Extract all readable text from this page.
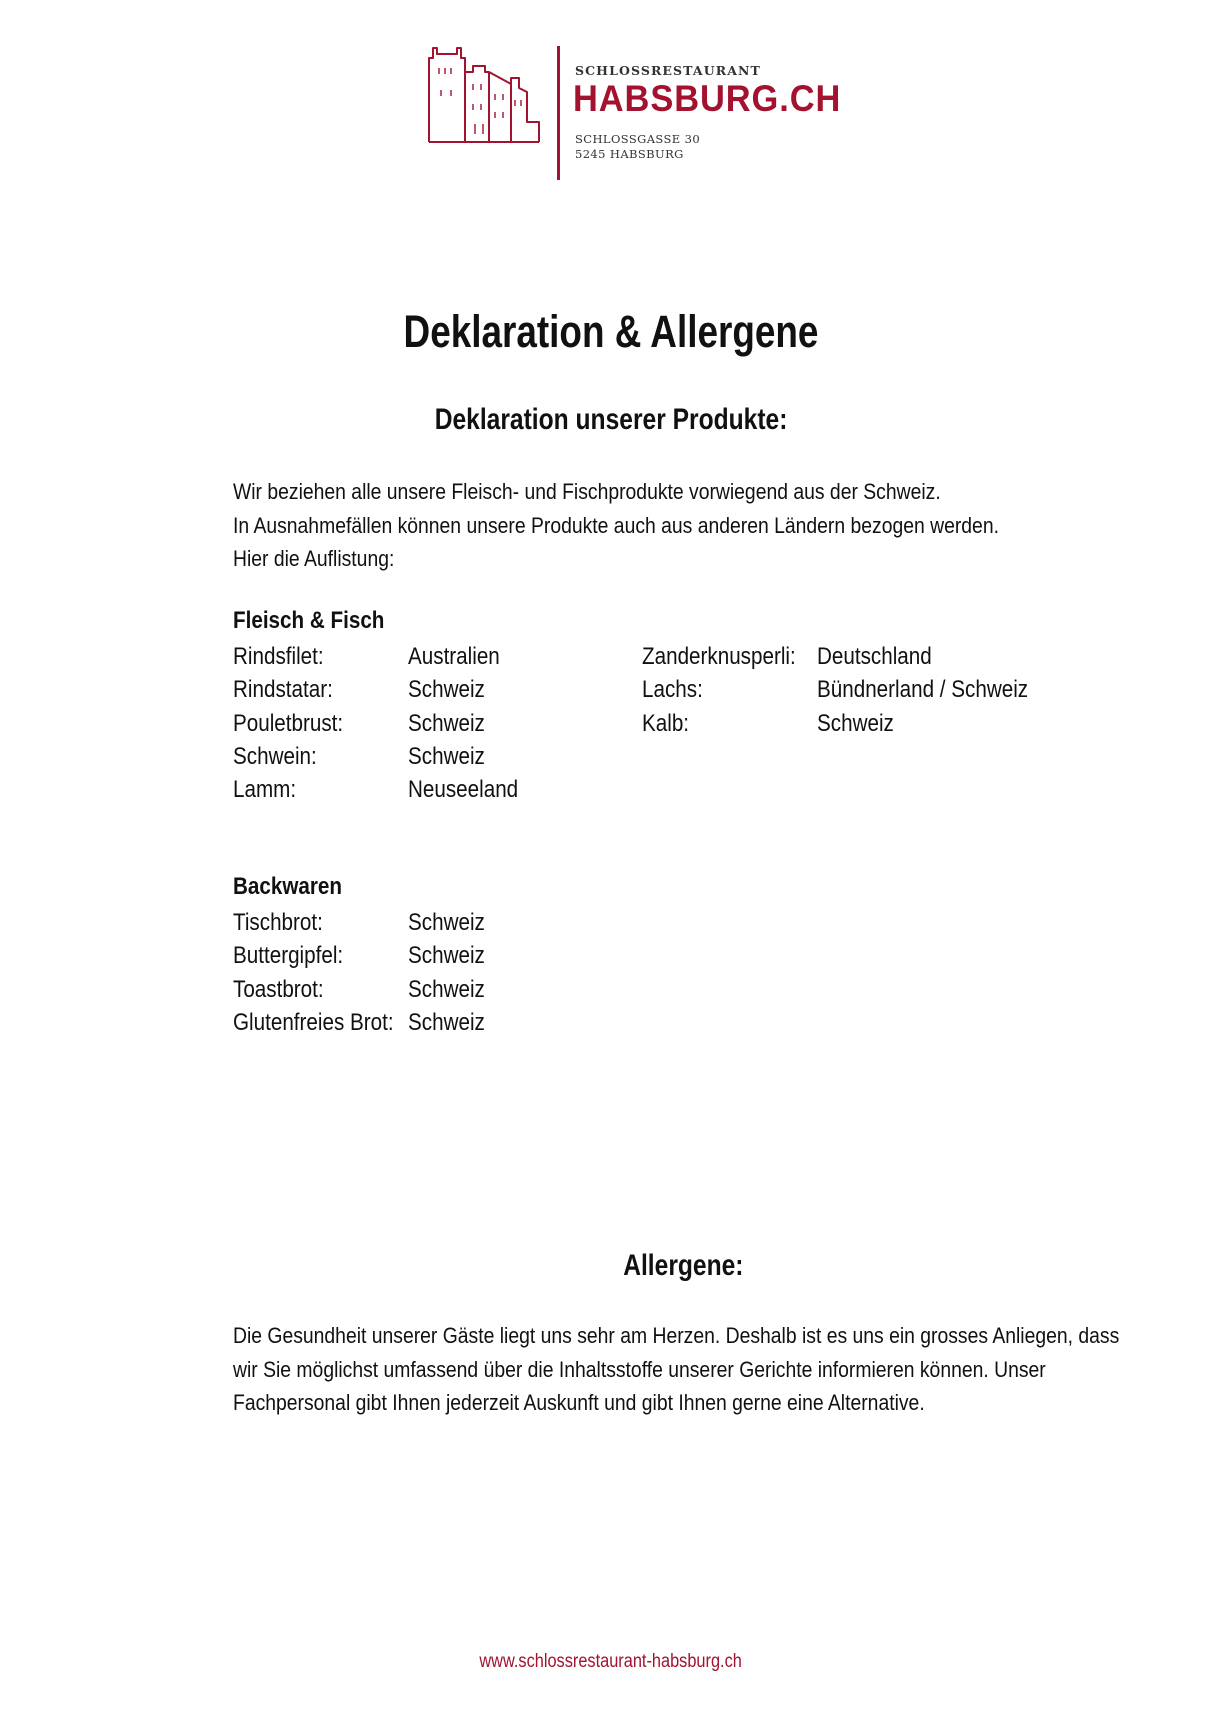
SCHLOSSRESTAURANT
HABSBURG.CH
SCHLOSSGASSE 30
5245 HABSBURG
Deklaration & Allergene
Deklaration unserer Produkte:
Wir beziehen alle unsere Fleisch- und Fischprodukte vorwiegend aus der Schweiz.
In Ausnahmefällen können unsere Produkte auch aus anderen Ländern bezogen werden.
Hier die Auflistung:
Fleisch & Fisch
Rindsfilet:	Australien
Rindstatar:	Schweiz
Pouletbrust:	Schweiz
Schwein:	Schweiz
Lamm:	Neuseeland
Zanderknusperli: Deutschland
Lachs:	Bündnerland / Schweiz
Kalb:	Schweiz
Backwaren
Tischbrot:	Schweiz
Buttergipfel:	Schweiz
Toastbrot:	Schweiz
Glutenfreies Brot: Schweiz
Allergene:
Die Gesundheit unserer Gäste liegt uns sehr am Herzen. Deshalb ist es uns ein grosses Anliegen, dass
wir Sie möglichst umfassend über die Inhaltsstoffe unserer Gerichte informieren können. Unser
Fachpersonal gibt Ihnen jederzeit Auskunft und gibt Ihnen gerne eine Alternative.
www.schlossrestaurant-habsburg.ch
